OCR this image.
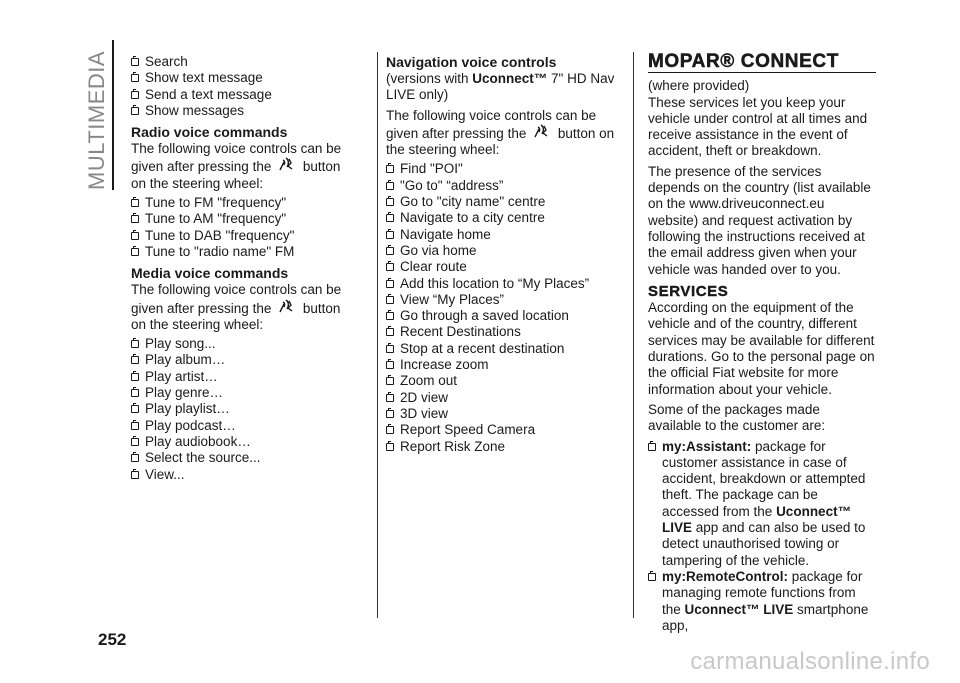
MULTIMEDIA	Search
Show text message
Send a text message
Show messages
Radio voice commands

The following voice controls can be given after pressing the button on the steering wheel:

Tune to FM "frequency"
Tune to AM "frequency"
Tune to DAB "frequency"
Tune to "radio name" FM
Media voice commands

The following voice controls can be given after pressing the button on the steering wheel:

Play song...
Play album…
Play artist…
Play genre…
Play playlist…
Play podcast…
Play audiobook…
Select the source...
View...
Navigation voice controls

(versions with Uconnect™ 7" HD Nav LIVE only)

The following voice controls can be given after pressing the button on the steering wheel:

Find "POI"
"Go to" “address”
Go to "city name" centre
Navigate to a city centre
Navigate home
Go via home
Clear route
Add this location to “My Places”
View “My Places”
Go through a saved location
Recent Destinations
Stop at a recent destination
Increase zoom
Zoom out
2D view
3D view
Report Speed Camera
Report Risk Zone
MOPAR® CONNECT

(where provided)

These services let you keep your vehicle under control at all times and receive assistance in the event of accident, theft or breakdown.

The presence of the services depends on the country (list available on the www.driveuconnect.eu website) and request activation by following the instructions received at the email address given when your vehicle was handed over to you.

SERVICES

According on the equipment of the vehicle and of the country, different services may be available for different durations. Go to the personal page on the official Fiat website for more information about your vehicle.

Some of the packages made available to the customer are:

my:Assistant: package for customer assistance in case of accident, breakdown or attempted theft. The package can be accessed from the Uconnect™ LIVE app and can also be used to detect unauthorised towing or tampering of the vehicle.
my:RemoteControl: package for managing remote functions from the Uconnect™ LIVE smartphone app,
252
carmanualsonline.info
